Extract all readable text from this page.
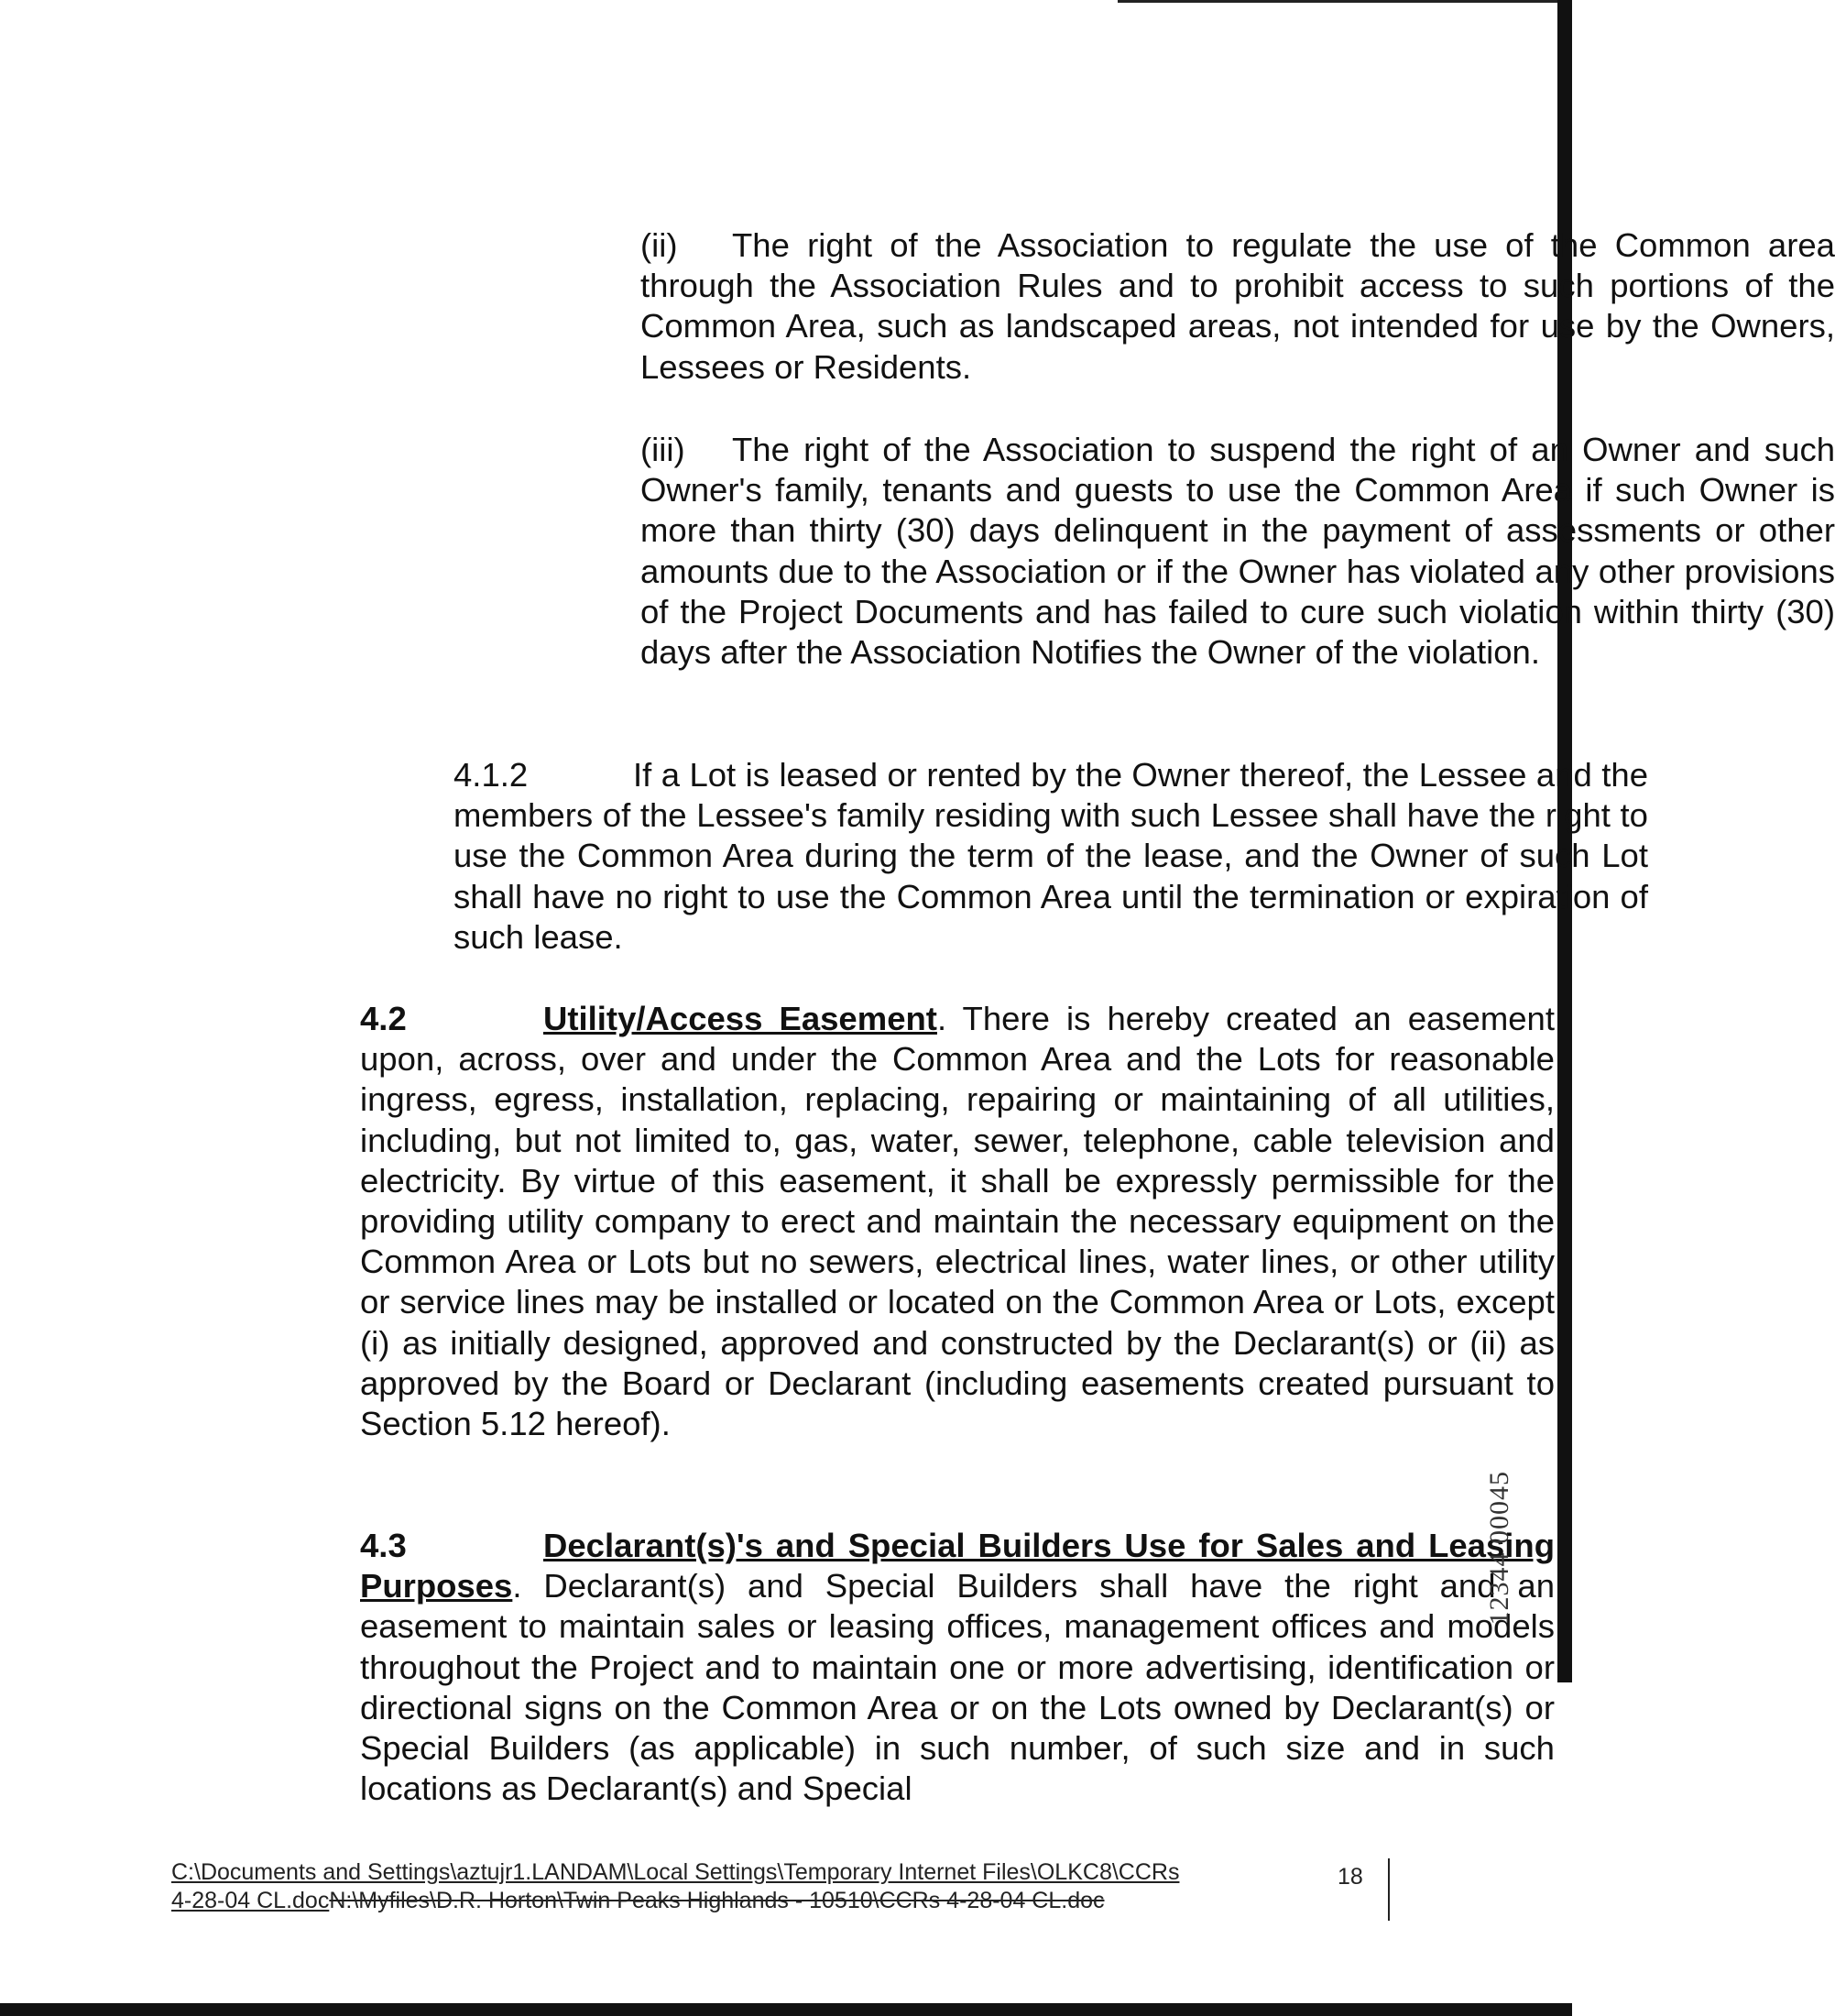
(ii) The right of the Association to regulate the use of the Common area through the Association Rules and to prohibit access to such portions of the Common Area, such as landscaped areas, not intended for use by the Owners, Lessees or Residents.
(iii) The right of the Association to suspend the right of an Owner and such Owner's family, tenants and guests to use the Common Area if such Owner is more than thirty (30) days delinquent in the payment of assessments or other amounts due to the Association or if the Owner has violated any other provisions of the Project Documents and has failed to cure such violation within thirty (30) days after the Association Notifies the Owner of the violation.
4.1.2	If a Lot is leased or rented by the Owner thereof, the Lessee and the members of the Lessee's family residing with such Lessee shall have the right to use the Common Area during the term of the lease, and the Owner of such Lot shall have no right to use the Common Area until the termination or expiration of such lease.
4.2	Utility/Access Easement. There is hereby created an easement upon, across, over and under the Common Area and the Lots for reasonable ingress, egress, installation, replacing, repairing or maintaining of all utilities, including, but not limited to, gas, water, sewer, telephone, cable television and electricity. By virtue of this easement, it shall be expressly permissible for the providing utility company to erect and maintain the necessary equipment on the Common Area or Lots but no sewers, electrical lines, water lines, or other utility or service lines may be installed or located on the Common Area or Lots, except (i) as initially designed, approved and constructed by the Declarant(s) or (ii) as approved by the Board or Declarant (including easements created pursuant to Section 5.12 hereof).
4.3	Declarant(s)'s and Special Builders Use for Sales and Leasing Purposes. Declarant(s) and Special Builders shall have the right and an easement to maintain sales or leasing offices, management offices and models throughout the Project and to maintain one or more advertising, identification or directional signs on the Common Area or on the Lots owned by Declarant(s) or Special Builders (as applicable) in such number, of such size and in such locations as Declarant(s) and Special
12344 00045
C:\Documents and Settings\aztujr1.LANDAM\Local Settings\Temporary Internet Files\OLKC8\CCRs
4-28-04 CL.docN:\Myfiles\D.R. Horton\Twin Peaks Highlands - 10510\CCRs 4-28-04 CL.doc
18
